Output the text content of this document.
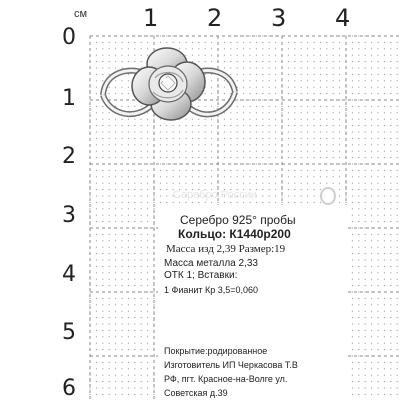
см 1 2 3 4
0
1
2
3
4
5
6
Серебро России
Серебро 925° пробы
Кольцо: К1440р200
Масса изд 2,39 Размер:19
Масса металла 2,33
ОТК 1; Вставки:
1 Фианит Кр 3,5=0,060
Покрытие:родированное
Изготовитель ИП Черкасова Т.В
РФ, пгт. Красное-на-Волге ул.
Советская д.39
